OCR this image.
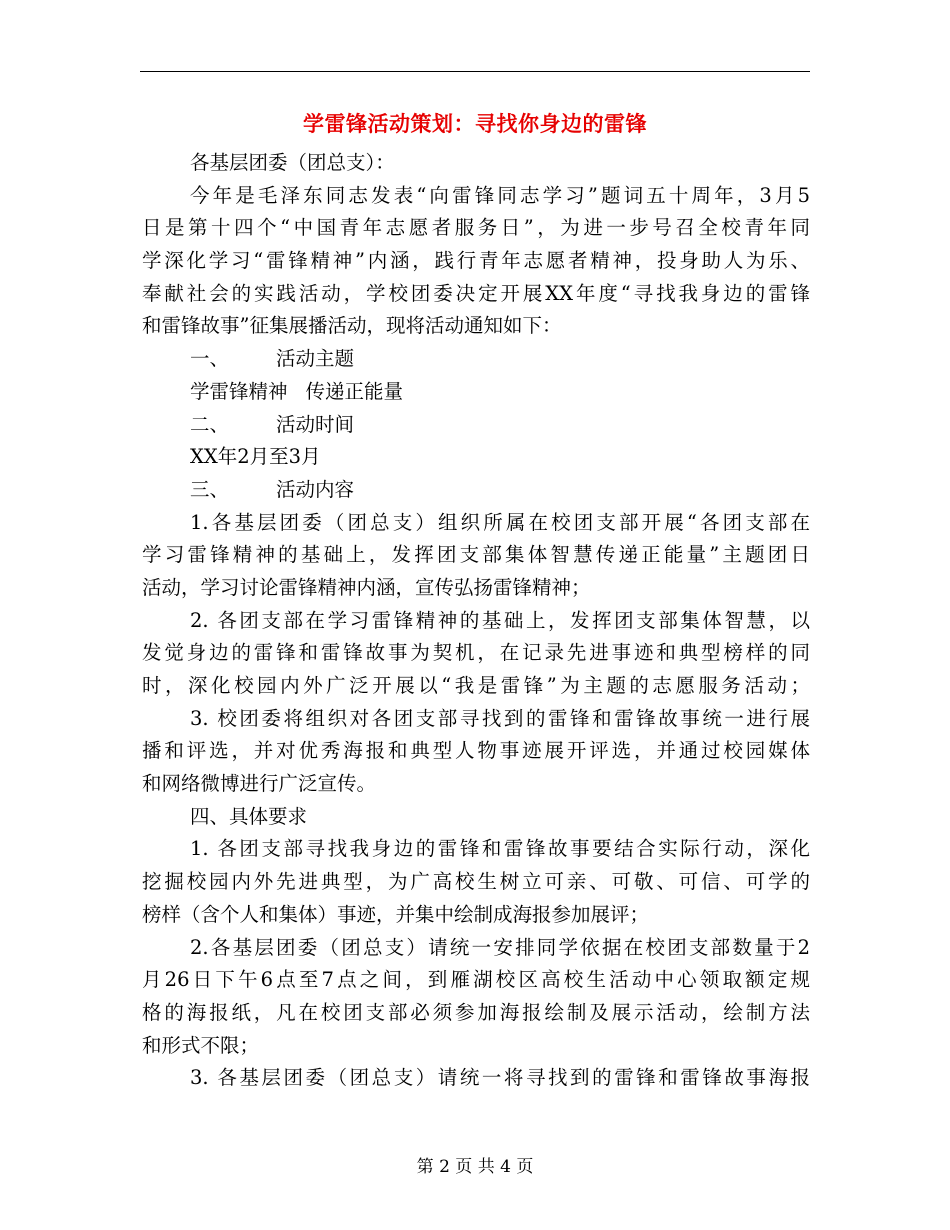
学雷锋活动策划：寻找你身边的雷锋
各基层团委（团总支）：
今年是毛泽东同志发表“向雷锋同志学习”题词五十周年，3月5
日是第十四个“中国青年志愿者服务日”，为进一步号召全校青年同
学深化学习“雷锋精神”内涵，践行青年志愿者精神，投身助人为乐、
奉献社会的实践活动，学校团委决定开展XX年度“寻找我身边的雷锋
和雷锋故事”征集展播活动，现将活动通知如下：
一、 活动主题
学雷锋精神 传递正能量
二、 活动时间
XX年2月至3月
三、 活动内容
1.各基层团委（团总支）组织所属在校团支部开展“各团支部在
学习雷锋精神的基础上，发挥团支部集体智慧传递正能量”主题团日
活动，学习讨论雷锋精神内涵，宣传弘扬雷锋精神；
2. 各团支部在学习雷锋精神的基础上，发挥团支部集体智慧，以
发觉身边的雷锋和雷锋故事为契机，在记录先进事迹和典型榜样的同
时，深化校园内外广泛开展以“我是雷锋”为主题的志愿服务活动；
3. 校团委将组织对各团支部寻找到的雷锋和雷锋故事统一进行展
播和评选，并对优秀海报和典型人物事迹展开评选，并通过校园媒体
和网络微博进行广泛宣传。
四、具体要求
1. 各团支部寻找我身边的雷锋和雷锋故事要结合实际行动，深化
挖掘校园内外先进典型，为广高校生树立可亲、可敬、可信、可学的
榜样（含个人和集体）事迹，并集中绘制成海报参加展评；
2.各基层团委（团总支）请统一安排同学依据在校团支部数量于2
月26日下午6点至7点之间，到雁湖校区高校生活动中心领取额定规
格的海报纸，凡在校团支部必须参加海报绘制及展示活动，绘制方法
和形式不限；
3. 各基层团委（团总支）请统一将寻找到的雷锋和雷锋故事海报
第 2 页 共 4 页
